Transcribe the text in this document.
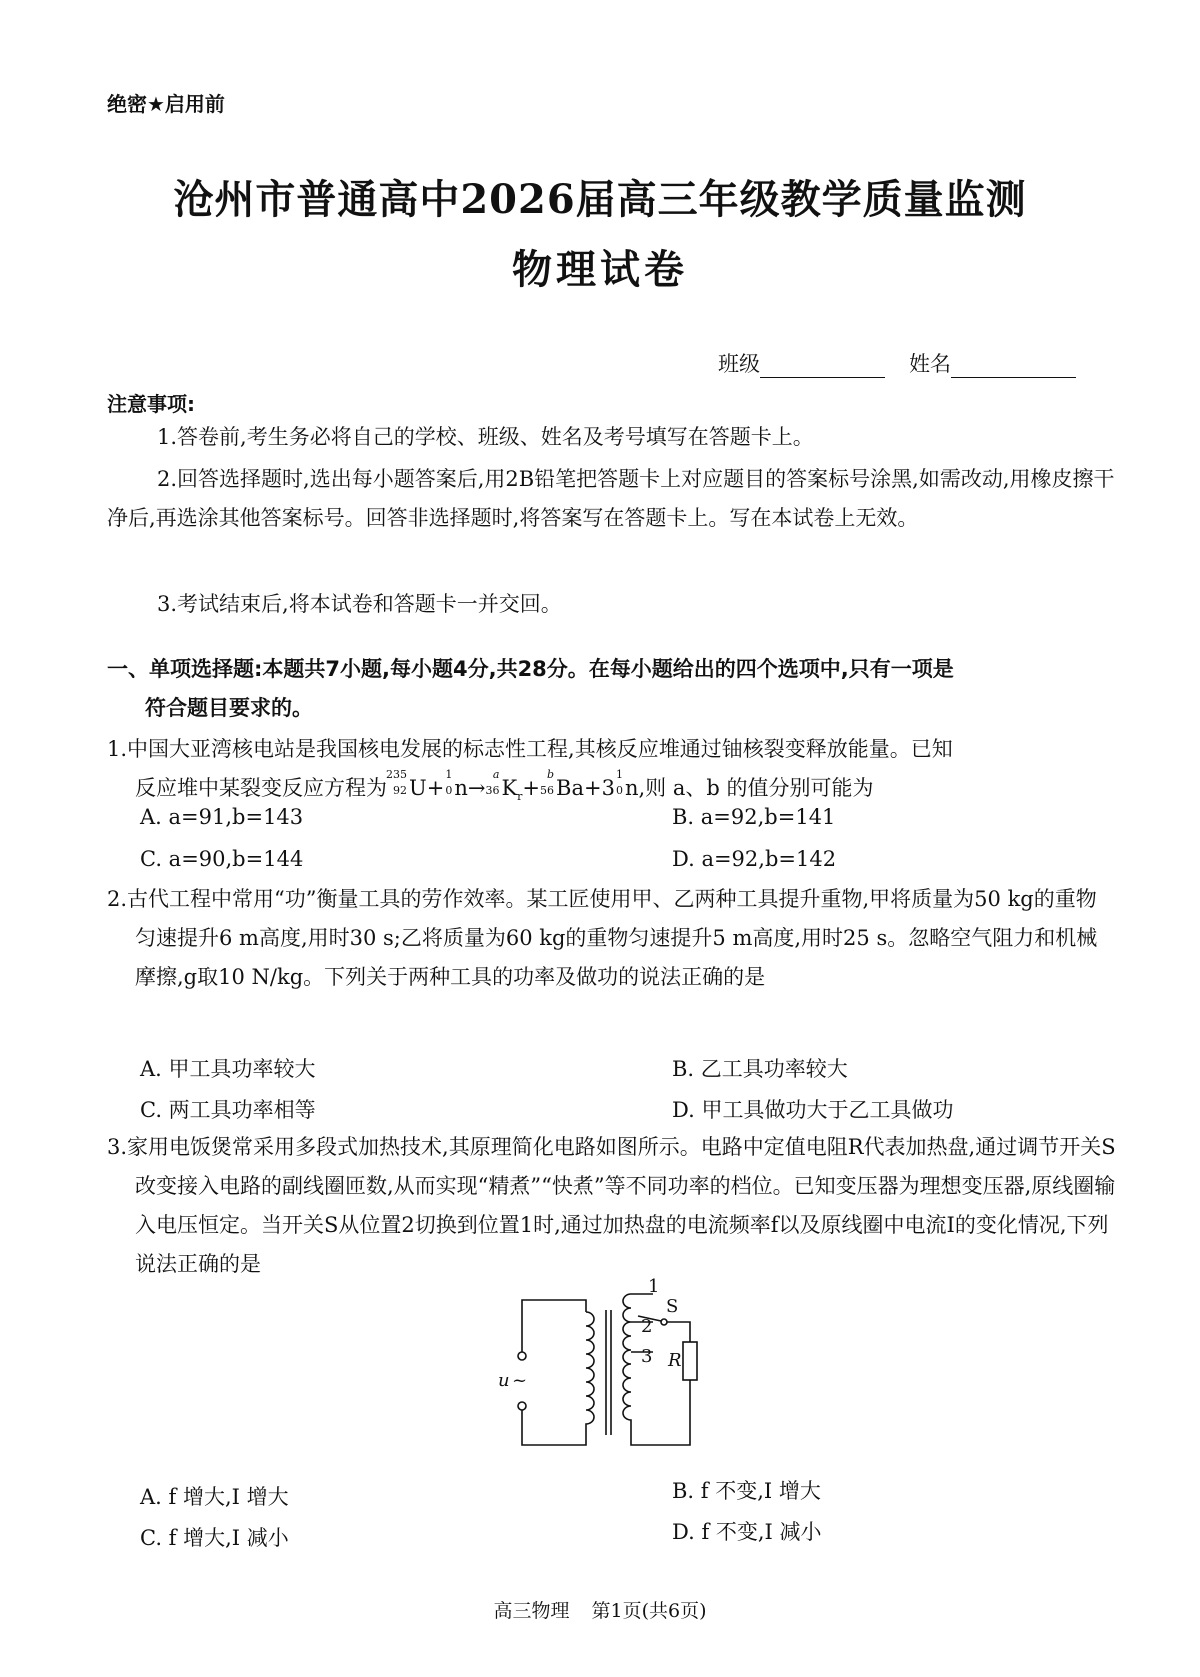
绝密★启用前
沧州市普通高中2026届高三年级教学质量监测
物理试卷
班级	姓名
注意事项:
1.答卷前,考生务必将自己的学校、班级、姓名及考号填写在答题卡上。
2.回答选择题时,选出每小题答案后,用2B铅笔把答题卡上对应题目的答案标号涂黑,如需改动,用橡皮擦干净后,再选涂其他答案标号。回答非选择题时,将答案写在答题卡上。写在本试卷上无效。
3.考试结束后,将本试卷和答题卡一并交回。
一、单项选择题:本题共7小题,每小题4分,共28分。在每小题给出的四个选项中,只有一项是
符合题目要求的。
1.中国大亚湾核电站是我国核电发展的标志性工程,其核反应堆通过铀核裂变释放能量。已知
反应堆中某裂变反应方程为
235
92 U+
1
0 n→
a
36 $K_r+$
b
56 Ba+3
1
0 n,则 a、b 的值分别可能为
A. a=91,b=143	B. a=92,b=141
C. a=90,b=144	D. a=92,b=142
2.古代工程中常用“功”衡量工具的劳作效率。某工匠使用甲、乙两种工具提升重物,甲将质量为50 kg的重物匀速提升6 m高度,用时30 s;乙将质量为60 kg的重物匀速提升5 m高度,用时25 s。忽略空气阻力和机械摩擦,g取10 N/kg。下列关于两种工具的功率及做功的说法正确的是
A. 甲工具功率较大	B. 乙工具功率较大
C. 两工具功率相等	D. 甲工具做功大于乙工具做功
3.家用电饭煲常采用多段式加热技术,其原理简化电路如图所示。电路中定值电阻R代表加热盘,通过调节开关S改变接入电路的副线圈匝数,从而实现“精煮”“快煮”等不同功率的档位。已知变压器为理想变压器,原线圈输入电压恒定。当开关S从位置2切换到位置1时,通过加热盘的电流频率f以及原线圈中电流I的变化情况,下列说法正确的是
u ~
1
2
3
S
R
A. f 增大,I 增大	B. f 不变,I 增大
C. f 增大,I 减小	D. f 不变,I 减小
高三物理 第1页(共6页)
